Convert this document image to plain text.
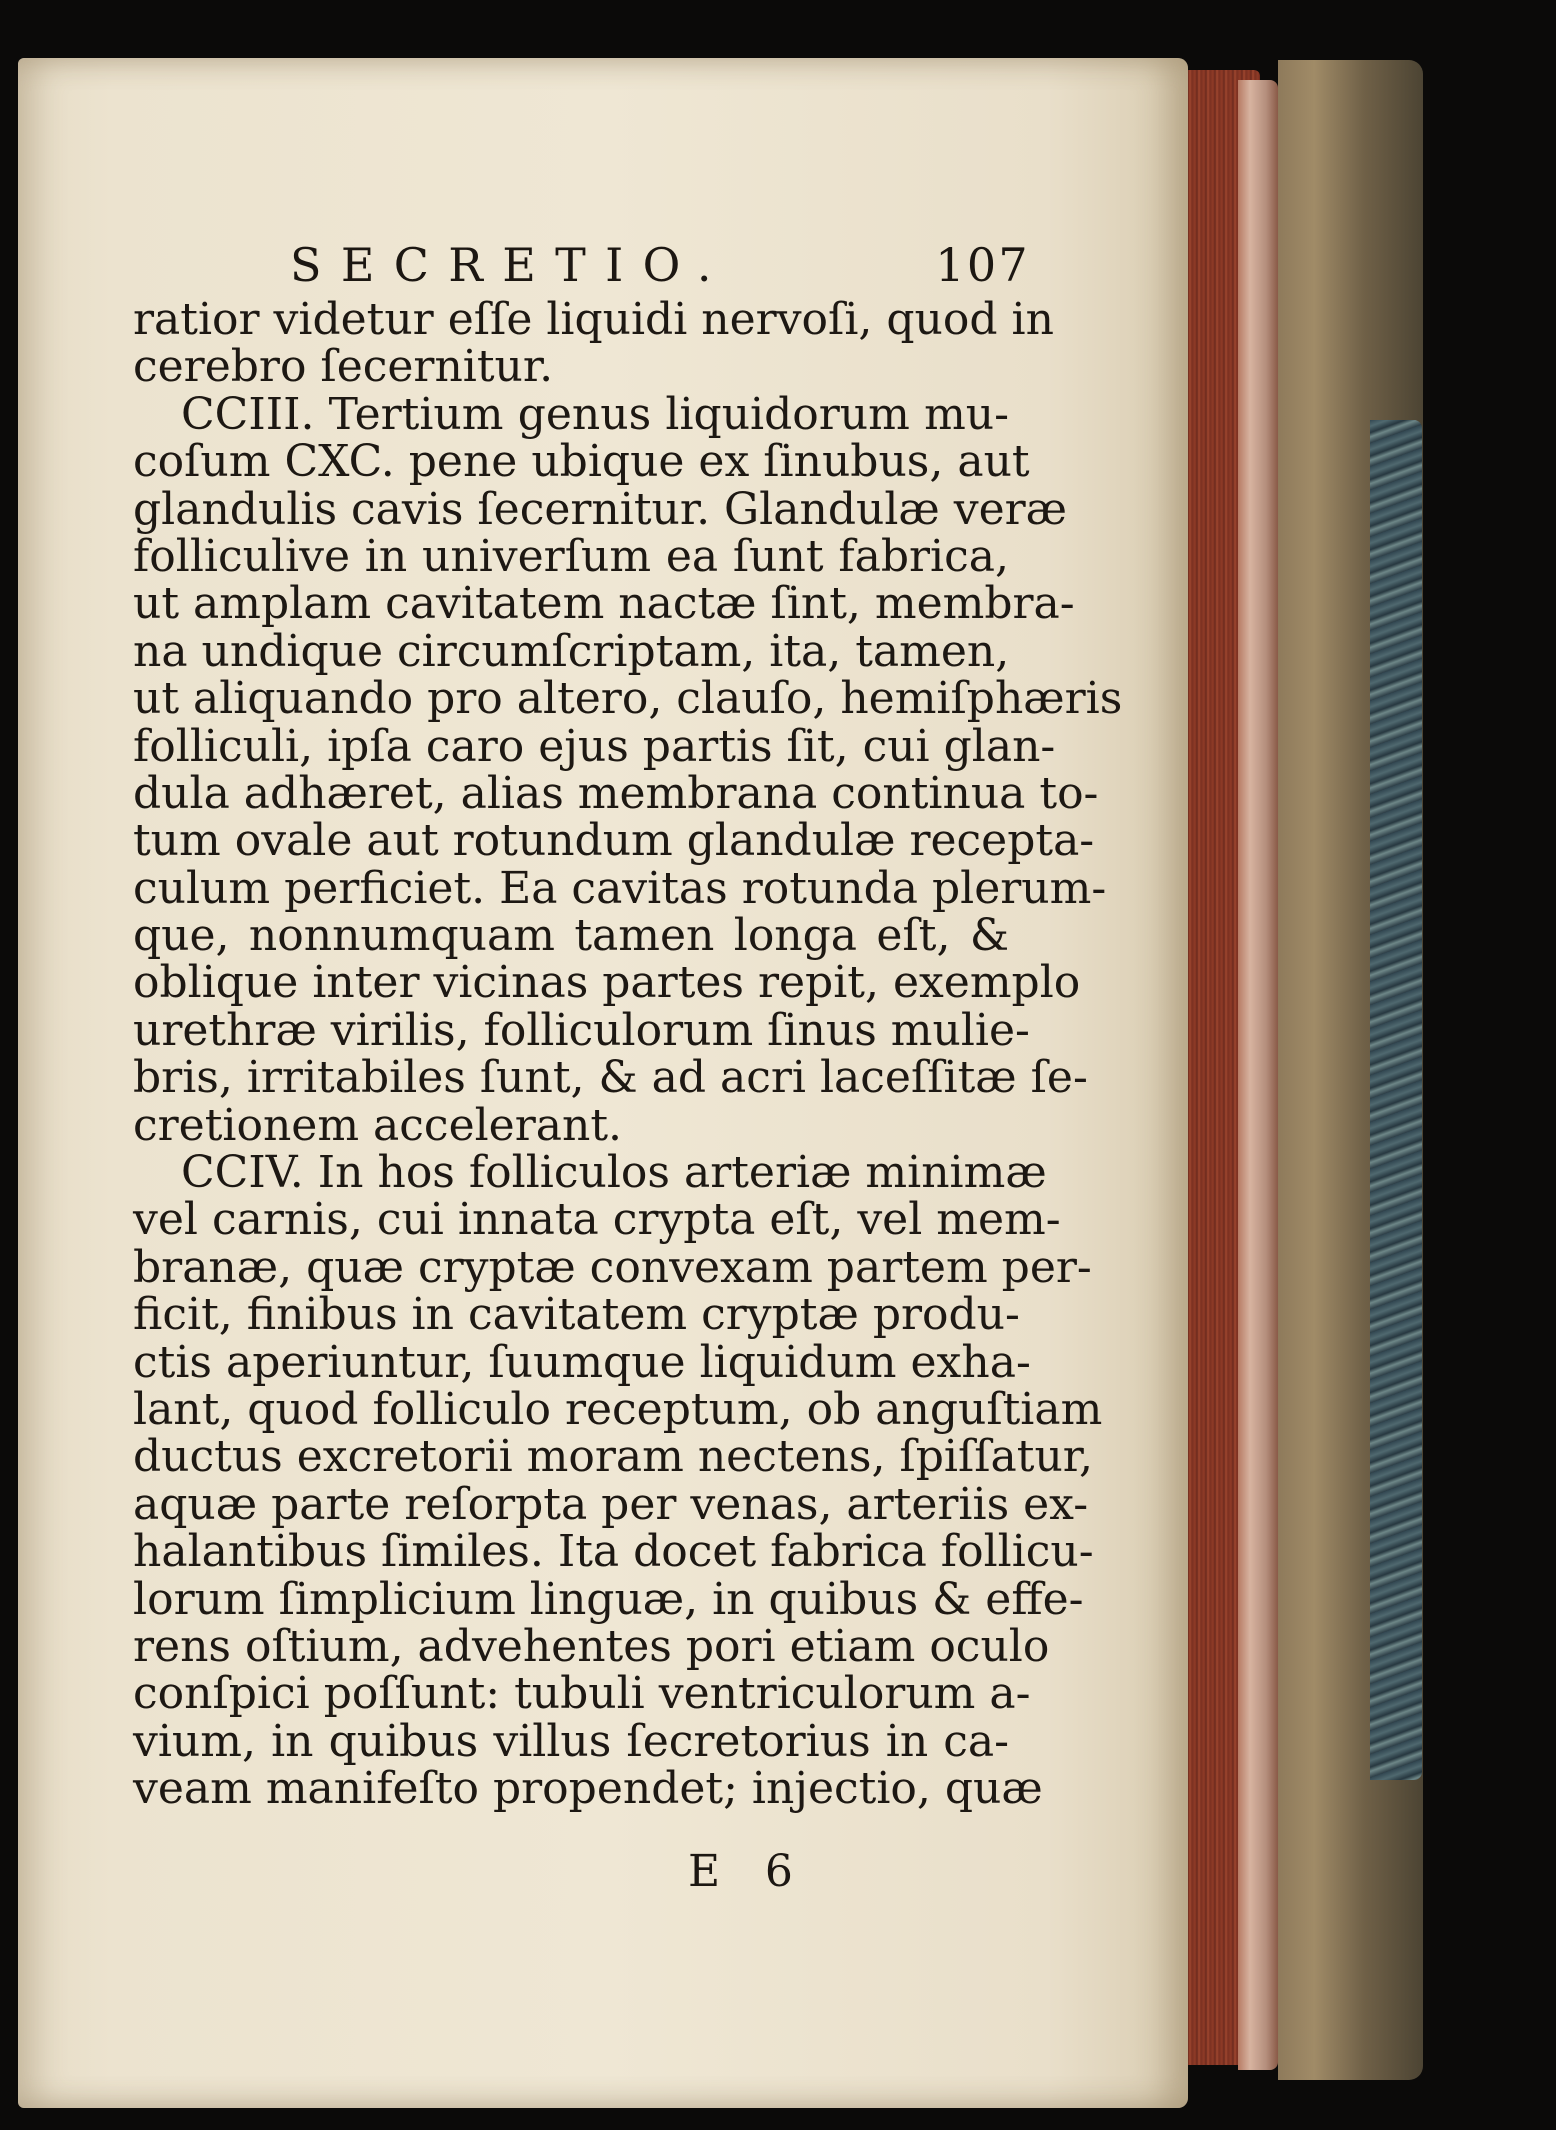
SECRETIO.	107
ratior videtur eſſe liquidi nervoſi, quod in
cerebro ſecernitur.
CCIII. Tertium genus liquidorum mu-
coſum CXC. pene ubique ex ſinubus, aut
glandulis cavis ſecernitur. Glandulæ veræ
folliculive in univerſum ea ſunt fabrica,
ut amplam cavitatem nactæ ſint, membra-
na undique circumſcriptam, ita, tamen,
ut aliquando pro altero, clauſo, hemiſphæris
folliculi, ipſa caro ejus partis ſit, cui glan-
dula adhæret, alias membrana continua to-
tum ovale aut rotundum glandulæ recepta-
culum perficiet. Ea cavitas rotunda plerum-
que, nonnumquam tamen longa eſt, &
oblique inter vicinas partes repit, exemplo
urethræ virilis, folliculorum ſinus mulie-
bris, irritabiles ſunt, & ad acri laceſſitæ ſe-
cretionem accelerant.
CCIV. In hos folliculos arteriæ minimæ
vel carnis, cui innata crypta eſt, vel mem-
branæ, quæ cryptæ convexam partem per-
ficit, finibus in cavitatem cryptæ produ-
ctis aperiuntur, ſuumque liquidum exha-
lant, quod folliculo receptum, ob anguſtiam
ductus excretorii moram nectens, ſpiſſatur,
aquæ parte reſorpta per venas, arteriis ex-
halantibus ſimiles. Ita docet fabrica follicu-
lorum ſimplicium linguæ, in quibus & effe-
rens oſtium, advehentes pori etiam oculo
conſpici poſſunt: tubuli ventriculorum a-
vium, in quibus villus ſecretorius in ca-
veam manifeſto propendet; injectio, quæ
E 6
